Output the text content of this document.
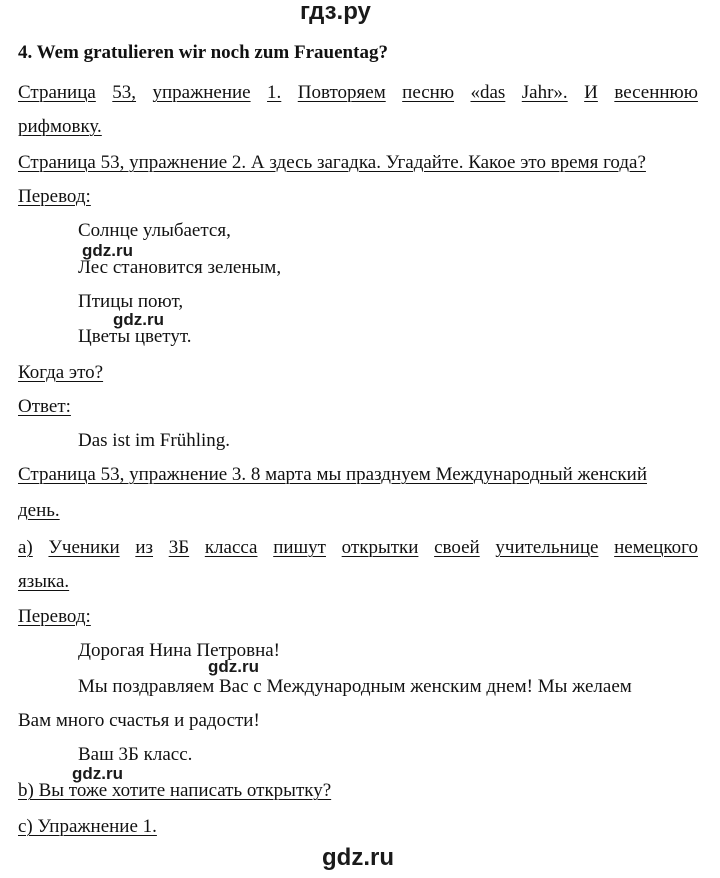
гдз.ру
4. Wem gratulieren wir noch zum Frauentag?
Страница 53, упражнение 1. Повторяем песню «das Jahr». И весеннюю
рифмовку.
Страница 53, упражнение 2. А здесь загадка. Угадайте. Какое это время года?
Перевод:
Солнце улыбается,
gdz.ru
Лес становится зеленым,
Птицы поют,
gdz.ru
Цветы цветут.
Когда это?
Ответ:
Das ist im Frühling.
Страница 53, упражнение 3. 8 марта мы празднуем Международный женский
день.
а) Ученики из 3Б класса пишут открытки своей учительнице немецкого
языка.
Перевод:
Дорогая Нина Петровна!
gdz.ru
Мы поздравляем Вас с Международным женским днем! Мы желаем
Вам много счастья и радости!
Ваш 3Б класс.
gdz.ru
b) Вы тоже хотите написать открытку?
c) Упражнение 1.
gdz.ru
